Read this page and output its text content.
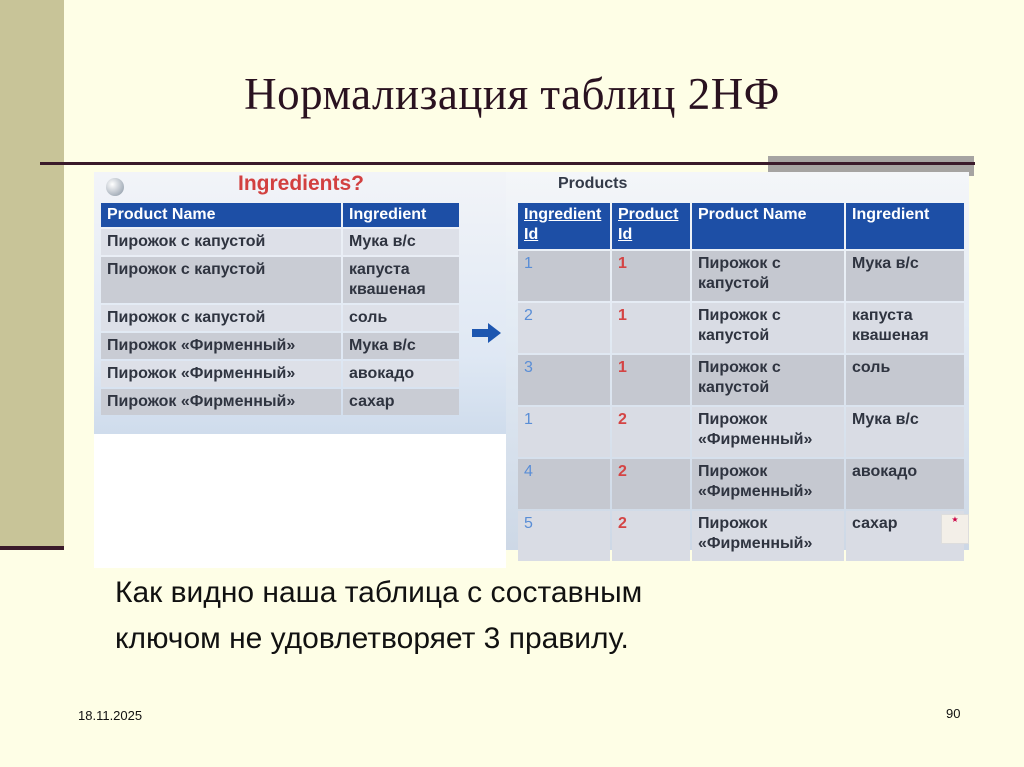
Нормализация таблиц 2НФ
Ingredients?
Product Name	Ingredient
Пирожок с капустой	Мука в/с
Пирожок с капустой	капуста квашеная
Пирожок с капустой	соль
Пирожок «Фирменный»	Мука в/с
Пирожок «Фирменный»	авокадо
Пирожок «Фирменный»	сахар
Products
Ingredient Id	Product Id	Product Name	Ingredient
1	1	Пирожок с капустой	Мука в/с
2	1	Пирожок с капустой	капуста квашеная
3	1	Пирожок с капустой	соль
1	2	Пирожок «Фирменный»	Мука в/с
4	2	Пирожок «Фирменный»	авокадо
5	2	Пирожок «Фирменный»	сахар	★
Как видно наша таблица с составным
ключом не удовлетворяет 3 правилу.
18.11.2025	90
